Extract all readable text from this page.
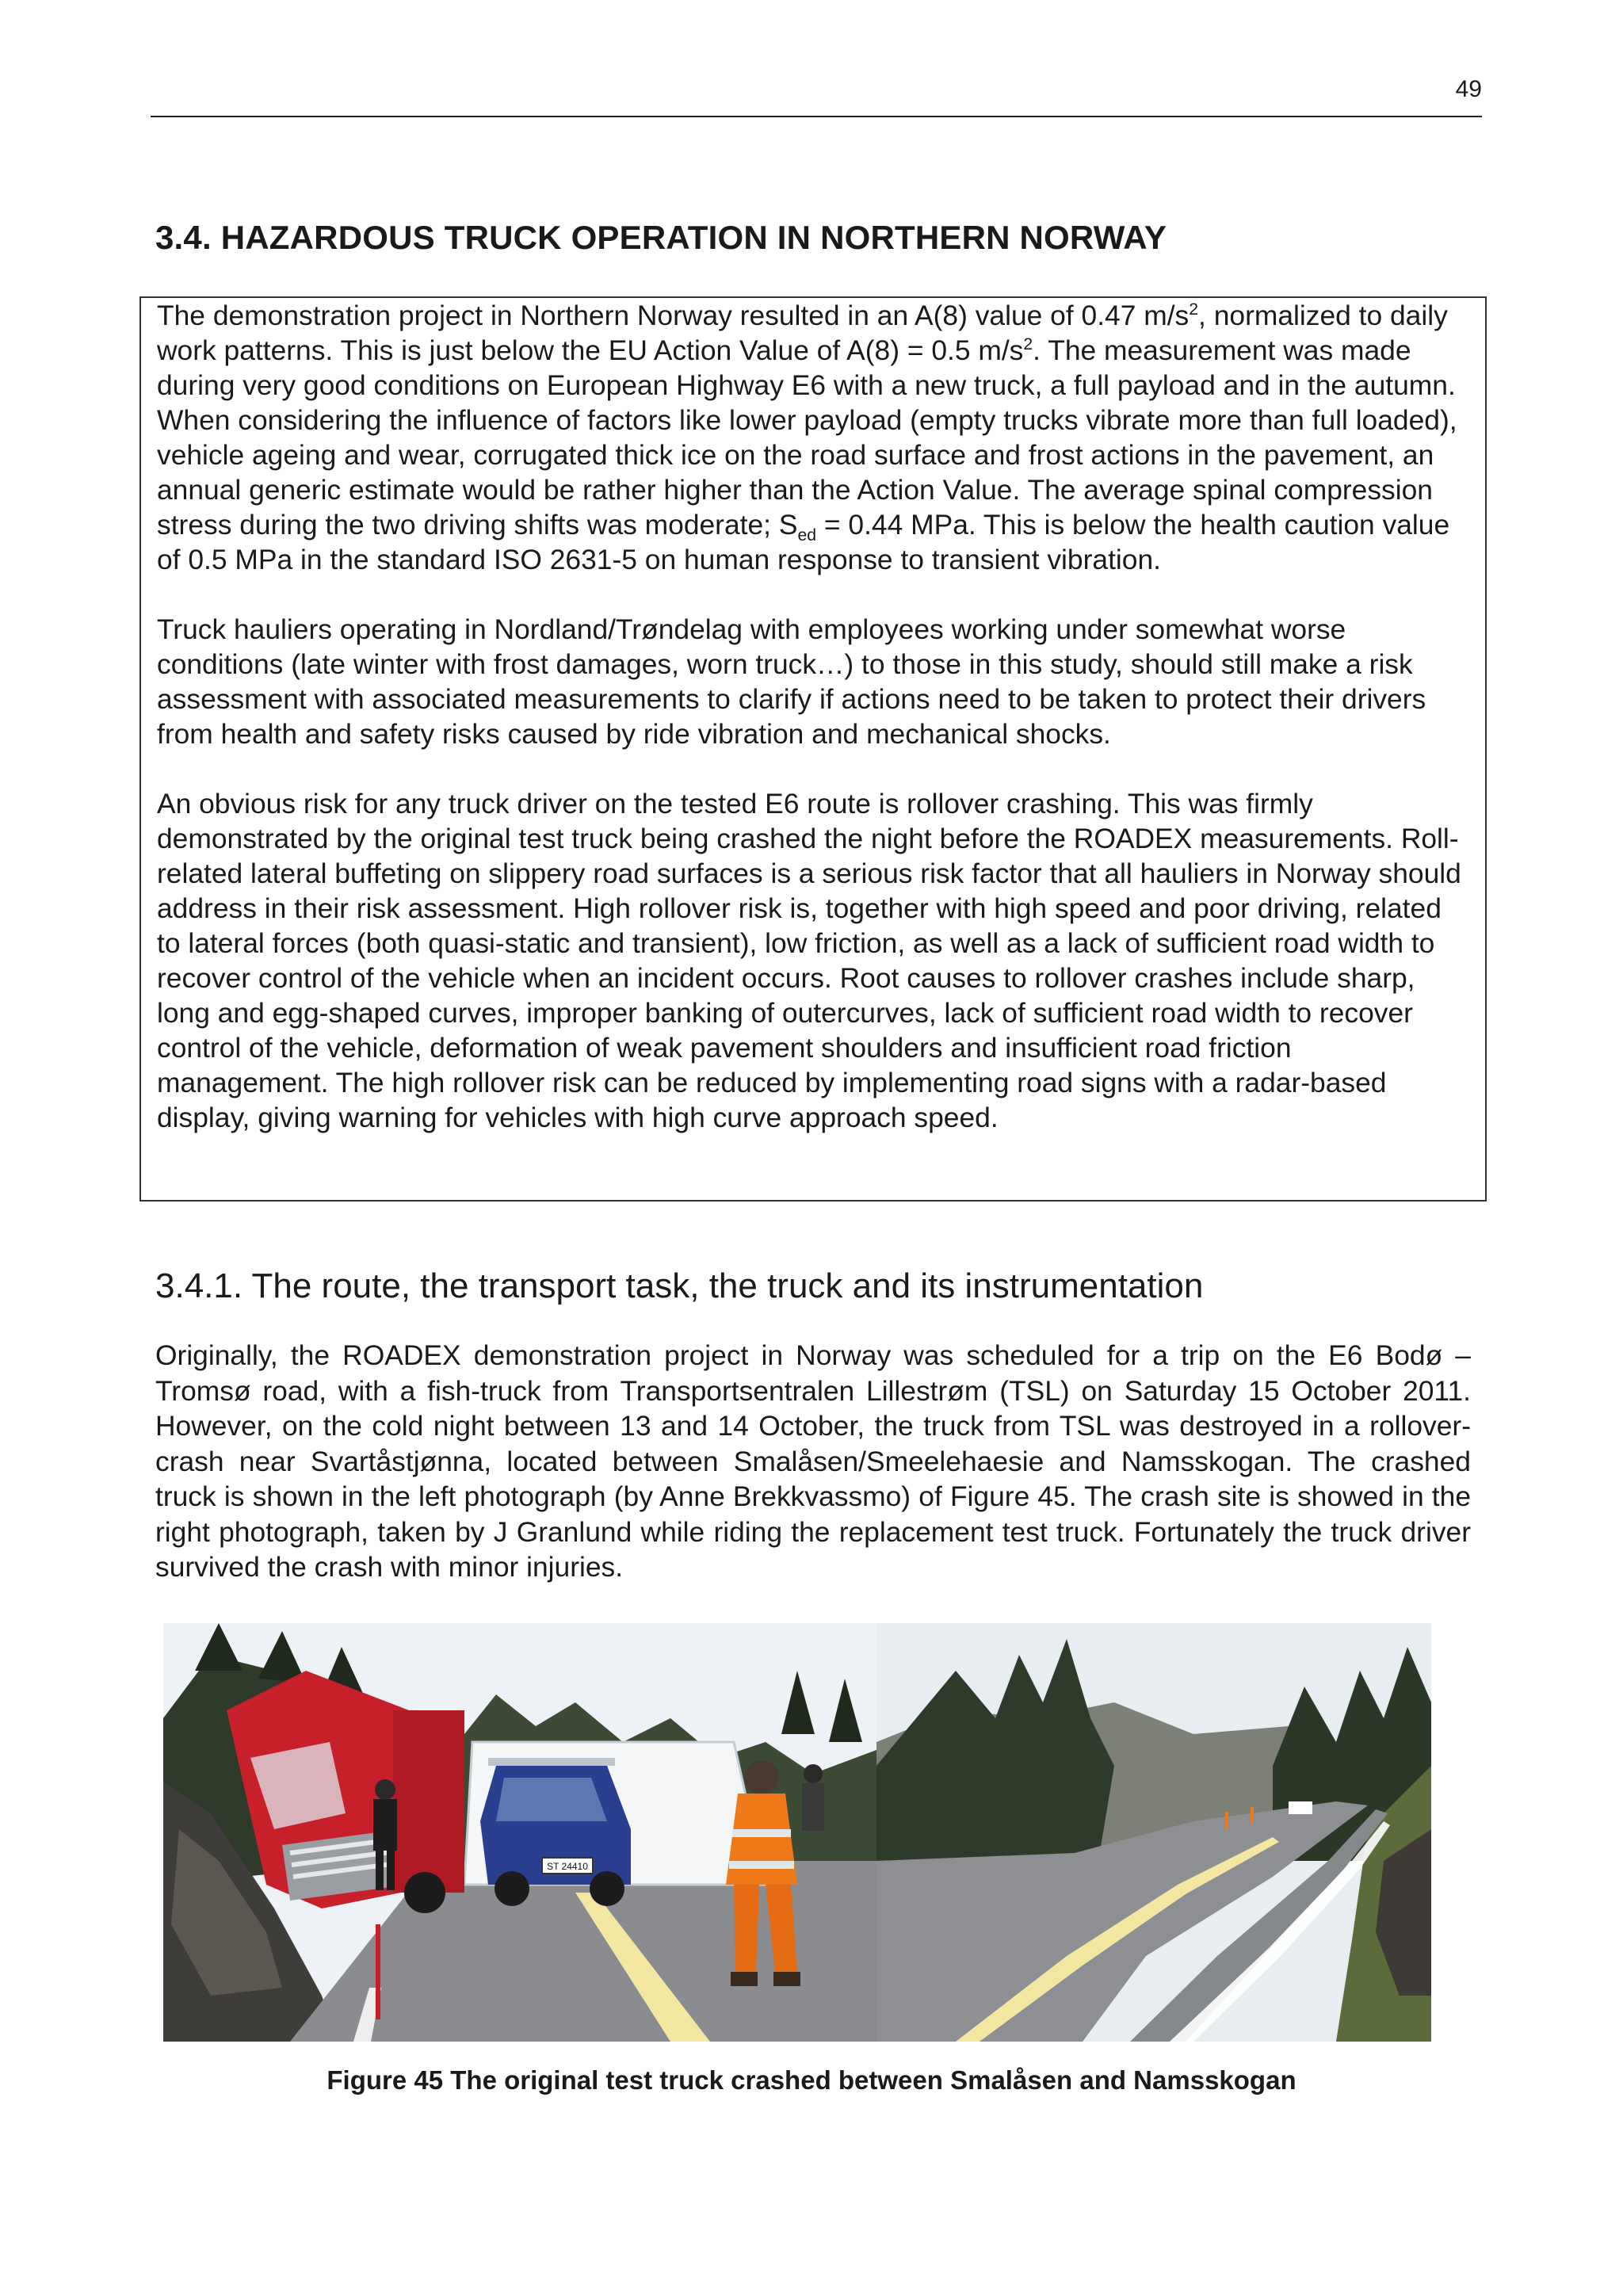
49
3.4. HAZARDOUS TRUCK OPERATION IN NORTHERN NORWAY

The demonstration project in Northern Norway resulted in an A(8) value of 0.47 $m/s^2$, normalized to daily work patterns. This is just below the EU Action Value of A(8) = 0.5 $m/s^2$. The measurement was made during very good conditions on European Highway E6 with a new truck, a full payload and in the autumn. When considering the influence of factors like lower payload (empty trucks vibrate more than full loaded), vehicle ageing and wear, corrugated thick ice on the road surface and frost actions in the pavement, an annual generic estimate would be rather higher than the Action Value. The average spinal compression stress during the two driving shifts was moderate; $S_{ed} = 0.44$ MPa. This is below the health caution value of 0.5 MPa in the standard ISO 2631-5 on human response to transient vibration.

Truck hauliers operating in Nordland/Trøndelag with employees working under somewhat worse conditions (late winter with frost damages, worn truck…) to those in this study, should still make a risk assessment with associated measurements to clarify if actions need to be taken to protect their drivers from health and safety risks caused by ride vibration and mechanical shocks.

An obvious risk for any truck driver on the tested E6 route is rollover crashing. This was firmly demonstrated by the original test truck being crashed the night before the ROADEX measurements. Roll-related lateral buffeting on slippery road surfaces is a serious risk factor that all hauliers in Norway should address in their risk assessment. High rollover risk is, together with high speed and poor driving, related to lateral forces (both quasi-static and transient), low friction, as well as a lack of sufficient road width to recover control of the vehicle when an incident occurs. Root causes to rollover crashes include sharp, long and egg-shaped curves, improper banking of outercurves, lack of sufficient road width to recover control of the vehicle, deformation of weak pavement shoulders and insufficient road friction management. The high rollover risk can be reduced by implementing road signs with a radar-based display, giving warning for vehicles with high curve approach speed.

3.4.1. The route, the transport task, the truck and its instrumentation

Originally, the ROADEX demonstration project in Norway was scheduled for a trip on the E6 Bodø – Tromsø road, with a fish-truck from Transportsentralen Lillestrøm (TSL) on Saturday 15 October 2011. However, on the cold night between 13 and 14 October, the truck from TSL was destroyed in a rollover-crash near Svartåstjønna, located between Smalåsen/Smeelehaesie and Namsskogan. The crashed truck is shown in the left photograph (by Anne Brekkvassmo) of Figure 45. The crash site is showed in the right photograph, taken by J Granlund while riding the replacement test truck. Fortunately the truck driver survived the crash with minor injuries.

ST 24410
Figure 45 The original test truck crashed between Smalåsen and Namsskogan
